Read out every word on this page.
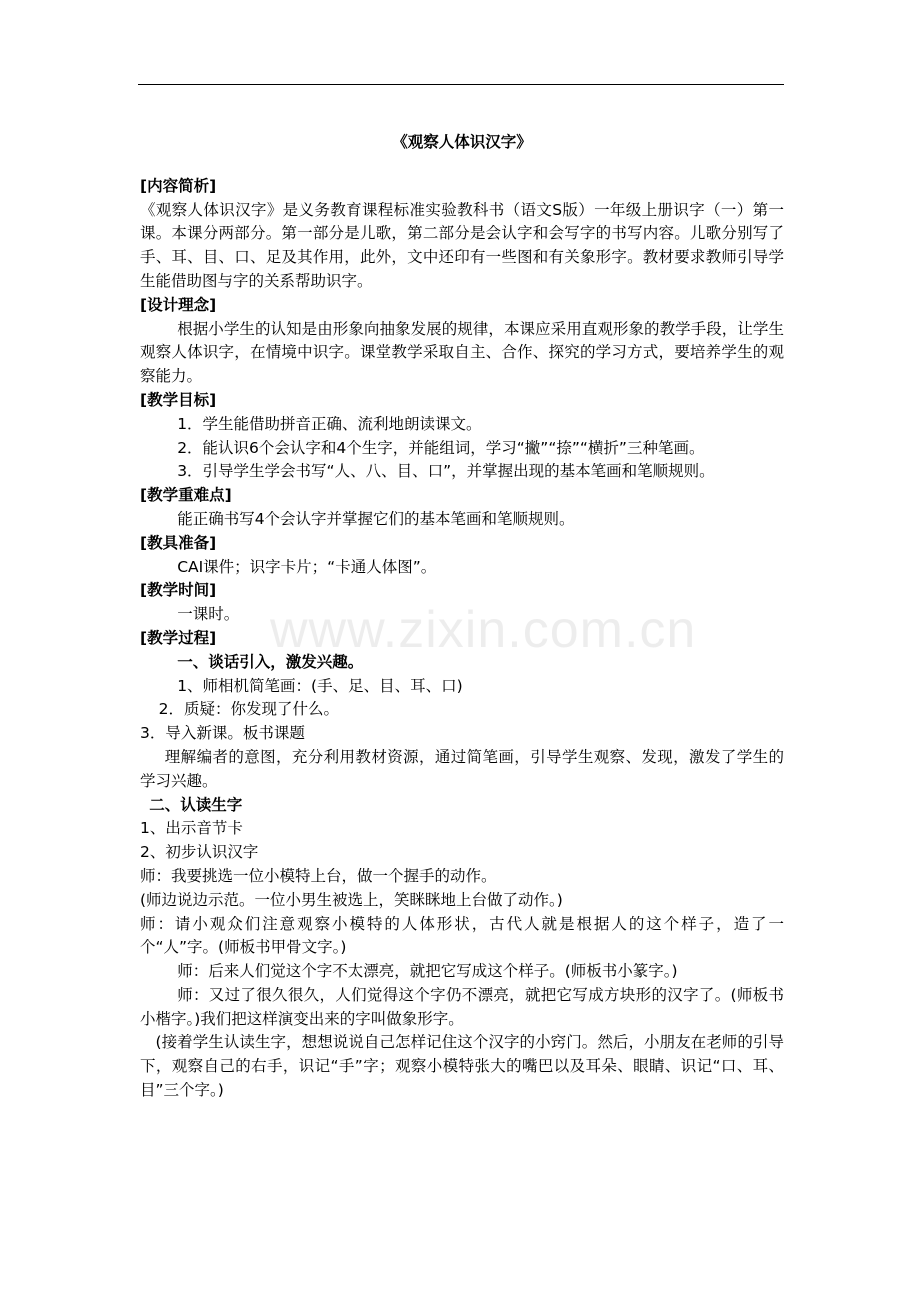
www.zixin.com.cn
《观察人体识汉字》

[内容简析]

《观察人体识汉字》是义务教育课程标准实验教科书（语文S版）一年级上册识字（一）第一课。本课分两部分。第一部分是儿歌，第二部分是会认字和会写字的书写内容。儿歌分别写了手、耳、目、口、足及其作用，此外，文中还印有一些图和有关象形字。教材要求教师引导学生能借助图与字的关系帮助识字。

[设计理念]

根据小学生的认知是由形象向抽象发展的规律，本课应采用直观形象的教学手段，让学生观察人体识字，在情境中识字。课堂教学采取自主、合作、探究的学习方式，要培养学生的观察能力。

[教学目标]

1．学生能借助拼音正确、流利地朗读课文。

2．能认识6个会认字和4个生字，并能组词，学习“撇”“捺”“横折”三种笔画。

3．引导学生学会书写“人、八、目、口”，并掌握出现的基本笔画和笔顺规则。

[教学重难点]

能正确书写4个会认字并掌握它们的基本笔画和笔顺规则。

[教具准备]

CAI课件；识字卡片；“卡通人体图”。

[教学时间]

一课时。

[教学过程]

一、谈话引入，激发兴趣。

1、师相机简笔画：(手、足、目、耳、口)

2．质疑：你发现了什么。

3．导入新课。板书课题

理解编者的意图，充分利用教材资源，通过简笔画，引导学生观察、发现，激发了学生的学习兴趣。

二、认读生字

1、出示音节卡

2、初步认识汉字

师：我要挑选一位小模特上台，做一个握手的动作。

(师边说边示范。一位小男生被选上，笑眯眯地上台做了动作。)

师：请小观众们注意观察小模特的人体形状，古代人就是根据人的这个样子，造了一个“人”字。(师板书甲骨文字。)

师：后来人们觉这个字不太漂亮，就把它写成这个样子。(师板书小篆字。)

师：又过了很久很久，人们觉得这个字仍不漂亮，就把它写成方块形的汉字了。(师板书小楷字。)我们把这样演变出来的字叫做象形字。

(接着学生认读生字，想想说说自己怎样记住这个汉字的小窍门。然后，小朋友在老师的引导下，观察自己的右手，识记“手”字；观察小模特张大的嘴巴以及耳朵、眼睛、识记“口、耳、目”三个字。)
